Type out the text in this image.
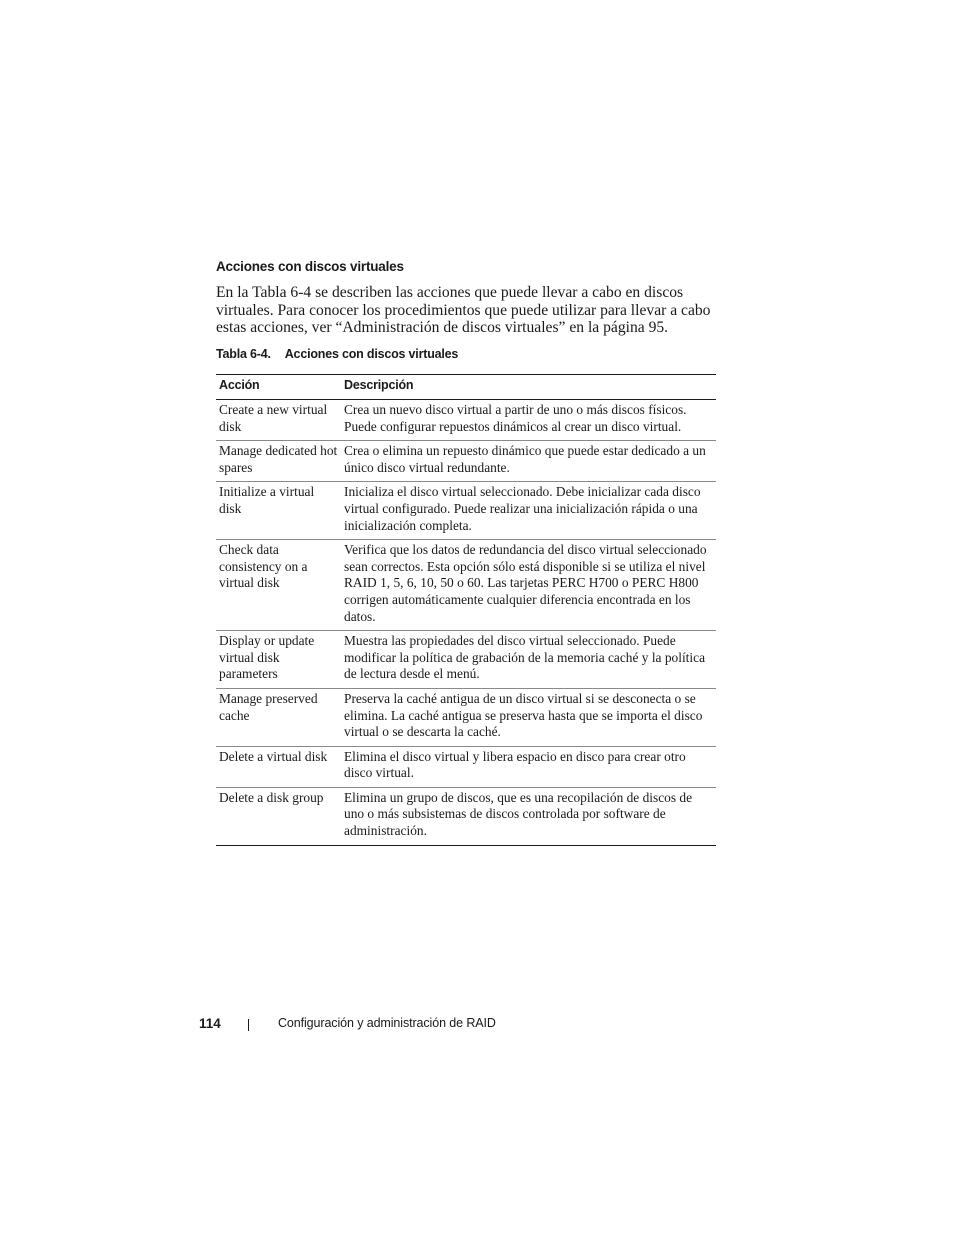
Acciones con discos virtuales

En la Tabla 6-4 se describen las acciones que puede llevar a cabo en discos virtuales. Para conocer los procedimientos que puede utilizar para llevar a cabo estas acciones, ver “Administración de discos virtuales” en la página 95.

Tabla 6-4. Acciones con discos virtuales

Acción	Descripción
Create a new virtual disk	Crea un nuevo disco virtual a partir de uno o más discos físicos. Puede configurar repuestos dinámicos al crear un disco virtual.
Manage dedicated hot spares	Crea o elimina un repuesto dinámico que puede estar dedicado a un único disco virtual redundante.
Initialize a virtual disk	Inicializa el disco virtual seleccionado. Debe inicializar cada disco virtual configurado. Puede realizar una inicialización rápida o una inicialización completa.
Check data consistency on a virtual disk	Verifica que los datos de redundancia del disco virtual seleccionado sean correctos. Esta opción sólo está disponible si se utiliza el nivel RAID 1, 5, 6, 10, 50 o 60. Las tarjetas PERC H700 o PERC H800 corrigen automáticamente cualquier diferencia encontrada en los datos.
Display or update virtual disk parameters	Muestra las propiedades del disco virtual seleccionado. Puede modificar la política de grabación de la memoria caché y la política de lectura desde el menú.
Manage preserved cache	Preserva la caché antigua de un disco virtual si se desconecta o se elimina. La caché antigua se preserva hasta que se importa el disco virtual o se descarta la caché.
Delete a virtual disk	Elimina el disco virtual y libera espacio en disco para crear otro disco virtual.
Delete a disk group	Elimina un grupo de discos, que es una recopilación de discos de uno o más subsistemas de discos controlada por software de administración.
114	Configuración y administración de RAID
